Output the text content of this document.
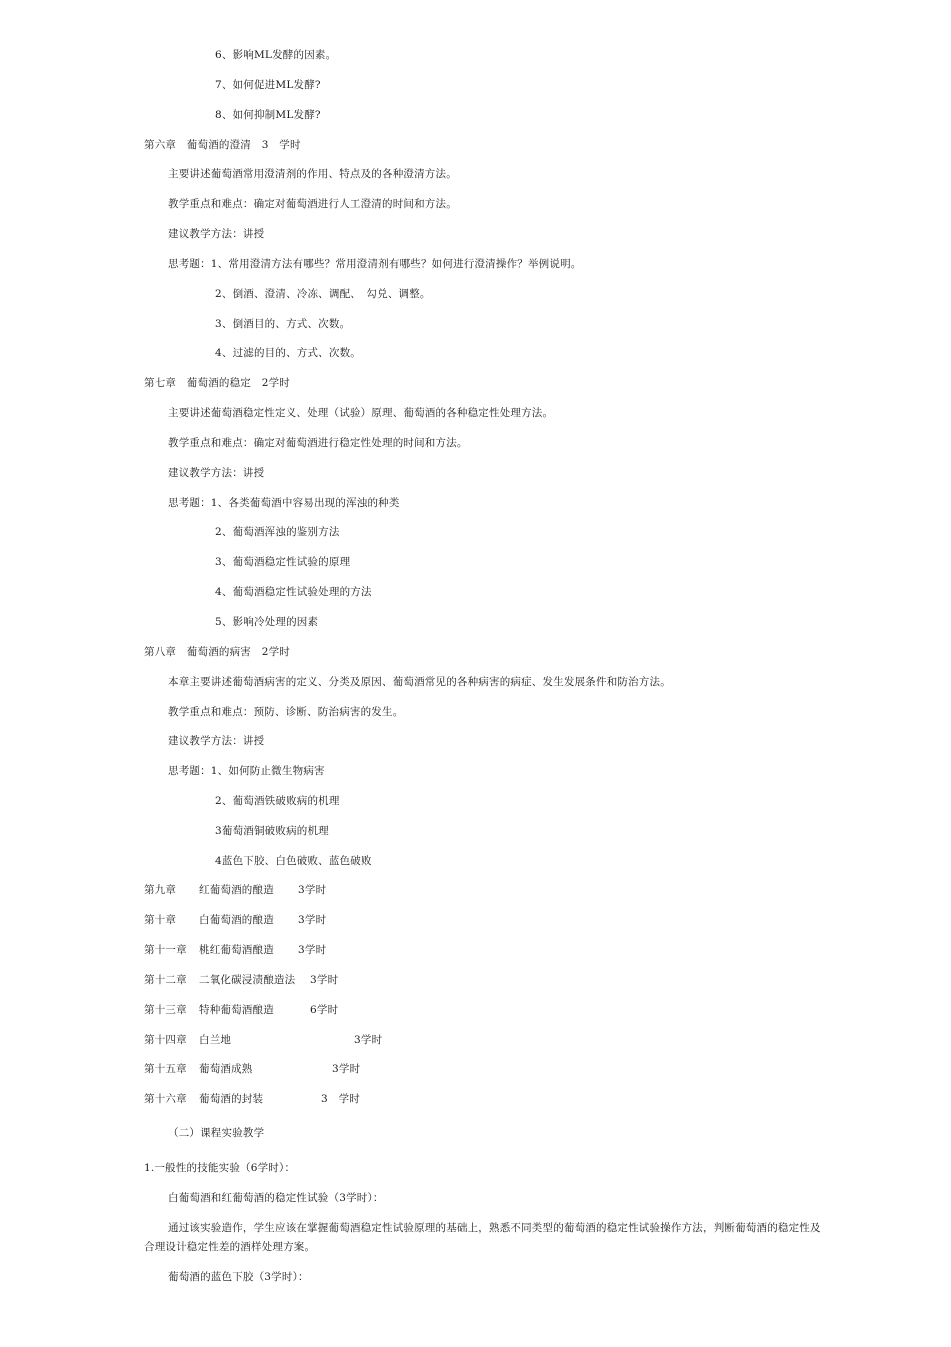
6、影响ML发酵的因素。
7、如何促进ML发酵?
8、如何抑制ML发酵?
第六章　葡萄酒的澄清　3　学时
主要讲述葡萄酒常用澄清剂的作用、特点及的各种澄清方法。
教学重点和难点：确定对葡萄酒进行人工澄清的时间和方法。
建议教学方法：讲授
思考题：1、常用澄清方法有哪些？常用澄清剂有哪些？如何进行澄清操作？举例说明。
2、倒酒、澄清、冷冻、调配、　勾兑、调整。
3、倒酒目的、方式、次数。
4、过滤的目的、方式、次数。
第七章　葡萄酒的稳定　2学时
主要讲述葡萄酒稳定性定义、处理（试验）原理、葡萄酒的各种稳定性处理方法。
教学重点和难点：确定对葡萄酒进行稳定性处理的时间和方法。
建议教学方法：讲授
思考题：1、各类葡萄酒中容易出现的浑浊的种类
2、葡萄酒浑浊的鉴别方法
3、葡萄酒稳定性试验的原理
4、葡萄酒稳定性试验处理的方法
5、影响冷处理的因素
第八章　葡萄酒的病害　2学时
本章主要讲述葡萄酒病害的定义、分类及原因、葡萄酒常见的各种病害的病症、发生发展条件和防治方法。
教学重点和难点：预防、诊断、防治病害的发生。
建议教学方法：讲授
思考题：1、如何防止微生物病害
2、葡萄酒铁破败病的机理
3葡萄酒铜破败病的机理
4蓝色下胶、白色破败、蓝色破败
第九章 红葡萄酒的酿造 3学时
第十章 白葡萄酒的酿造 3学时
第十一章 桃红葡萄酒酿造 3学时
第十二章 二氧化碳浸渍酿造法 3学时
第十三章 特种葡萄酒酿造	6学时
第十四章 白兰地	3学时
第十五章 葡萄酒成熟	3学时
第十六章 葡萄酒的封装	3　学时
（二）课程实验教学
1.一般性的技能实验（6学时）：
白葡萄酒和红葡萄酒的稳定性试验（3学时）：
通过该实验造作，学生应该在掌握葡萄酒稳定性试验原理的基础上，熟悉不同类型的葡萄酒的稳定性试验操作方法，判断葡萄酒的稳定性及合理设计稳定性差的酒样处理方案。
葡萄酒的蓝色下胶（3学时）：
